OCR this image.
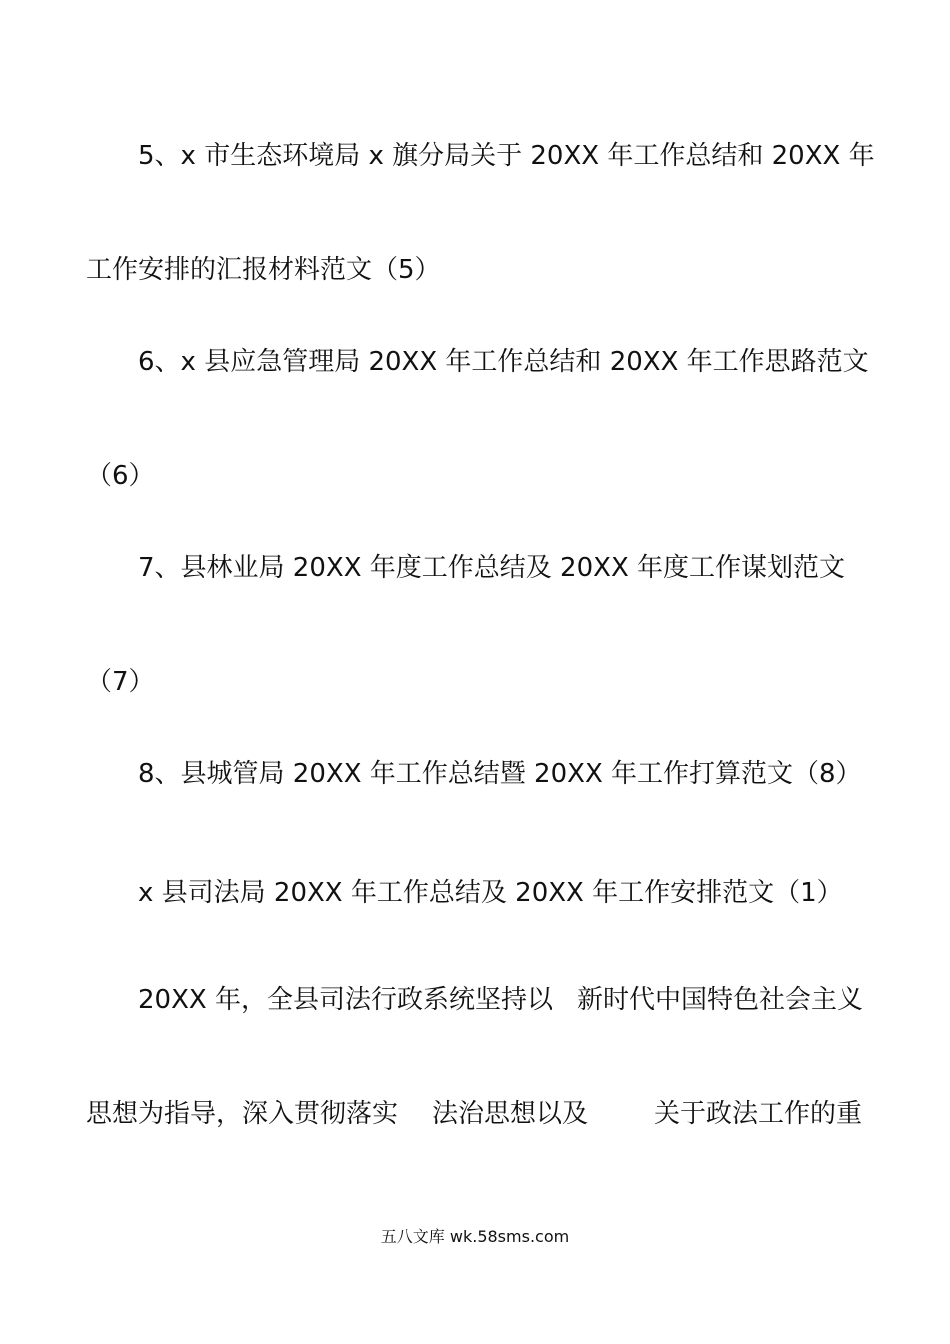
5、x 市生态环境局 x 旗分局关于 20XX 年工作总结和 20XX 年
工作安排的汇报材料范文（5）
6、x 县应急管理局 20XX 年工作总结和 20XX 年工作思路范文
（6）
7、县林业局 20XX 年度工作总结及 20XX 年度工作谋划范文
（7）
8、县城管局 20XX 年工作总结暨 20XX 年工作打算范文（8）
x 县司法局 20XX 年工作总结及 20XX 年工作安排范文（1）
20XX 年，全县司法行政系统坚持以 新时代中国特色社会主义
思想为指导，深入贯彻落实 法治思想以及	关于政法工作的重
五八文库 wk.58sms.com
